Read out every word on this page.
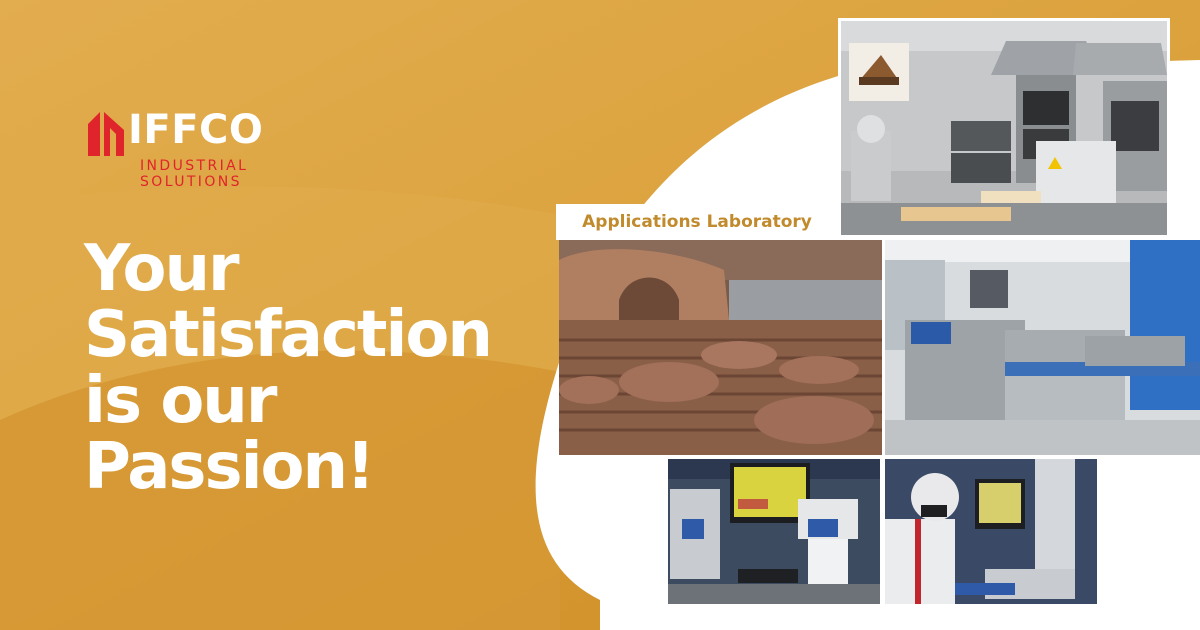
IFFCO
INDUSTRIAL
SOLUTIONS
Your
Satisfaction
is our
Passion!
Applications Laboratory
